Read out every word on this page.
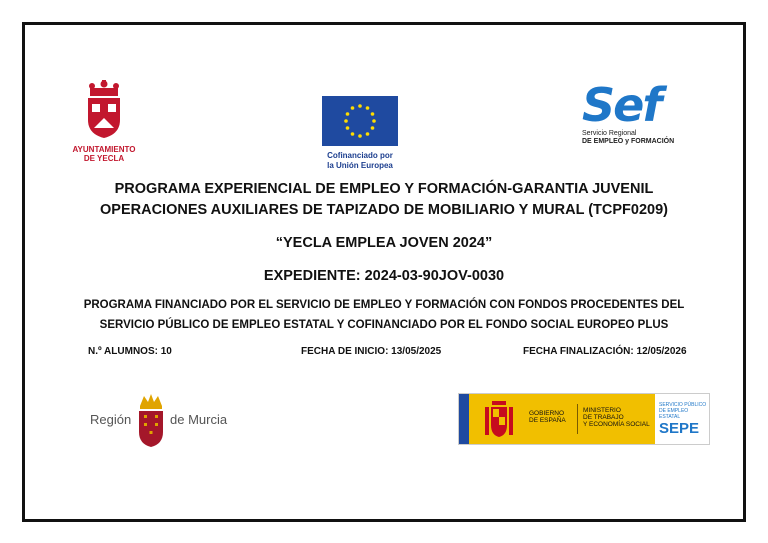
AYUNTAMIENTO
DE YECLA	Cofinanciado por
la Unión Europea
Sef
Servicio Regional
DE EMPLEO y FORMACIÓN
PROGRAMA EXPERIENCIAL DE EMPLEO Y FORMACIÓN-GARANTIA JUVENIL
OPERACIONES AUXILIARES DE TAPIZADO DE MOBILIARIO Y MURAL (TCPF0209)
“YECLA EMPLEA JOVEN 2024”
EXPEDIENTE: 2024-03-90JOV-0030
PROGRAMA FINANCIADO POR EL SERVICIO DE EMPLEO Y FORMACIÓN CON FONDOS PROCEDENTES DEL
SERVICIO PÚBLICO DE EMPLEO ESTATAL Y COFINANCIADO POR EL FONDO SOCIAL EUROPEO PLUS
N.º ALUMNOS: 10	FECHA DE INICIO: 13/05/2025	FECHA FINALIZACIÓN: 12/05/2026
Región	de Murcia	GOBIERNO
DE ESPAÑA
MINISTERIO
DE TRABAJO
Y ECONOMÍA SOCIAL
SERVICIO PÚBLICO
DE EMPLEO ESTATAL
SEPE
